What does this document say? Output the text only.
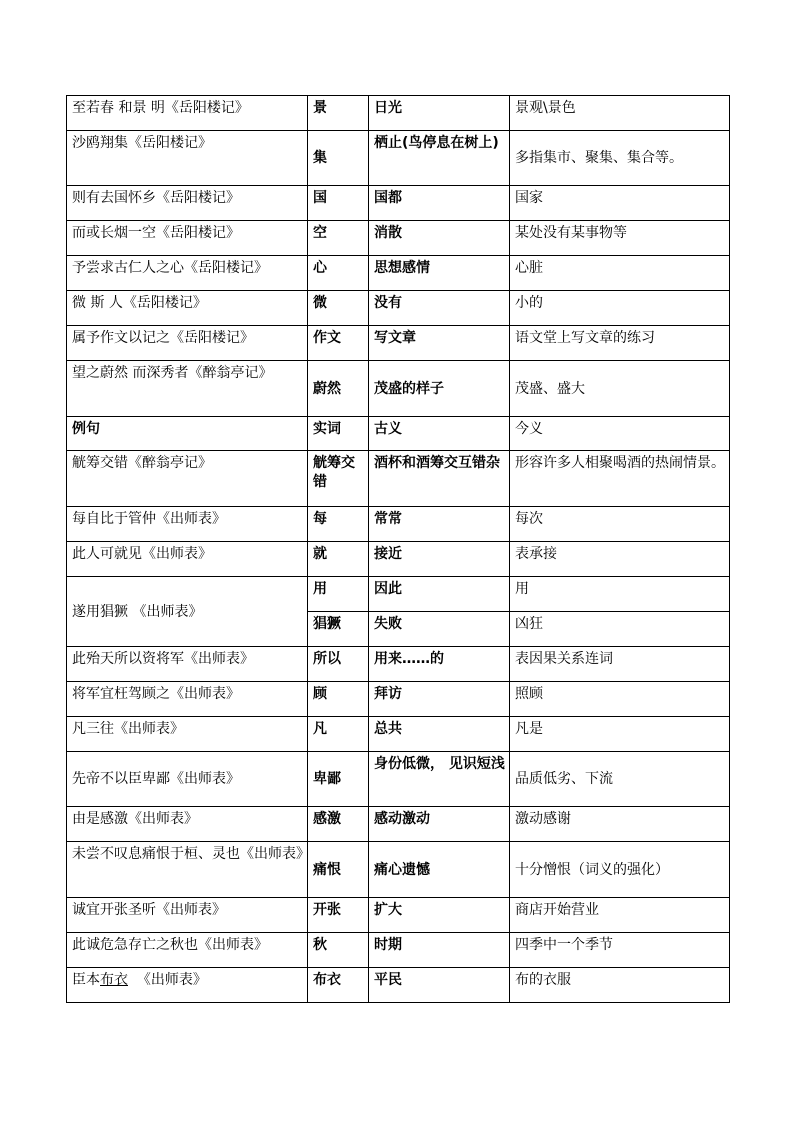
至若春 和景 明《岳阳楼记》	景	日光	景观\景色
沙鸥翔集《岳阳楼记》	集	栖止(鸟停息在树上)	多指集市、聚集、集合等。
则有去国怀乡《岳阳楼记》	国	国都	国家
而或长烟一空《岳阳楼记》	空	消散	某处没有某事物等
予尝求古仁人之心《岳阳楼记》	心	思想感情	心脏
微 斯 人《岳阳楼记》	微	没有	小的
属予作文以记之《岳阳楼记》	作文	写文章	语文堂上写文章的练习
望之蔚然 而深秀者《醉翁亭记》	蔚然	茂盛的样子	茂盛、盛大
例句	实词	古义	今义
觥筹交错《醉翁亭记》	觥筹交错	酒杯和酒筹交互错杂	形容许多人相聚喝酒的热闹情景。
每自比于管仲《出师表》	每	常常	每次
此人可就见《出师表》	就	接近	表承接
遂用猖獗 《出师表》	用	因此	用
	猖獗	失败	凶狂
此殆天所以资将军《出师表》	所以	用来……的	表因果关系连词
将军宜枉驾顾之《出师表》	顾	拜访	照顾
凡三往《出师表》	凡	总共	凡是
先帝不以臣卑鄙《出师表》	卑鄙	身份低微， 见识短浅	品质低劣、下流
由是感激《出师表》	感激	感动激动	激动感谢
未尝不叹息痛恨于桓、灵也《出师表》	痛恨	痛心遗憾	十分憎恨（词义的强化）
诚宜开张圣听《出师表》	开张	扩大	商店开始营业
此诚危急存亡之秋也《出师表》	秋	时期	四季中一个季节
臣本布衣  《出师表》	布衣	平民	布的衣服
